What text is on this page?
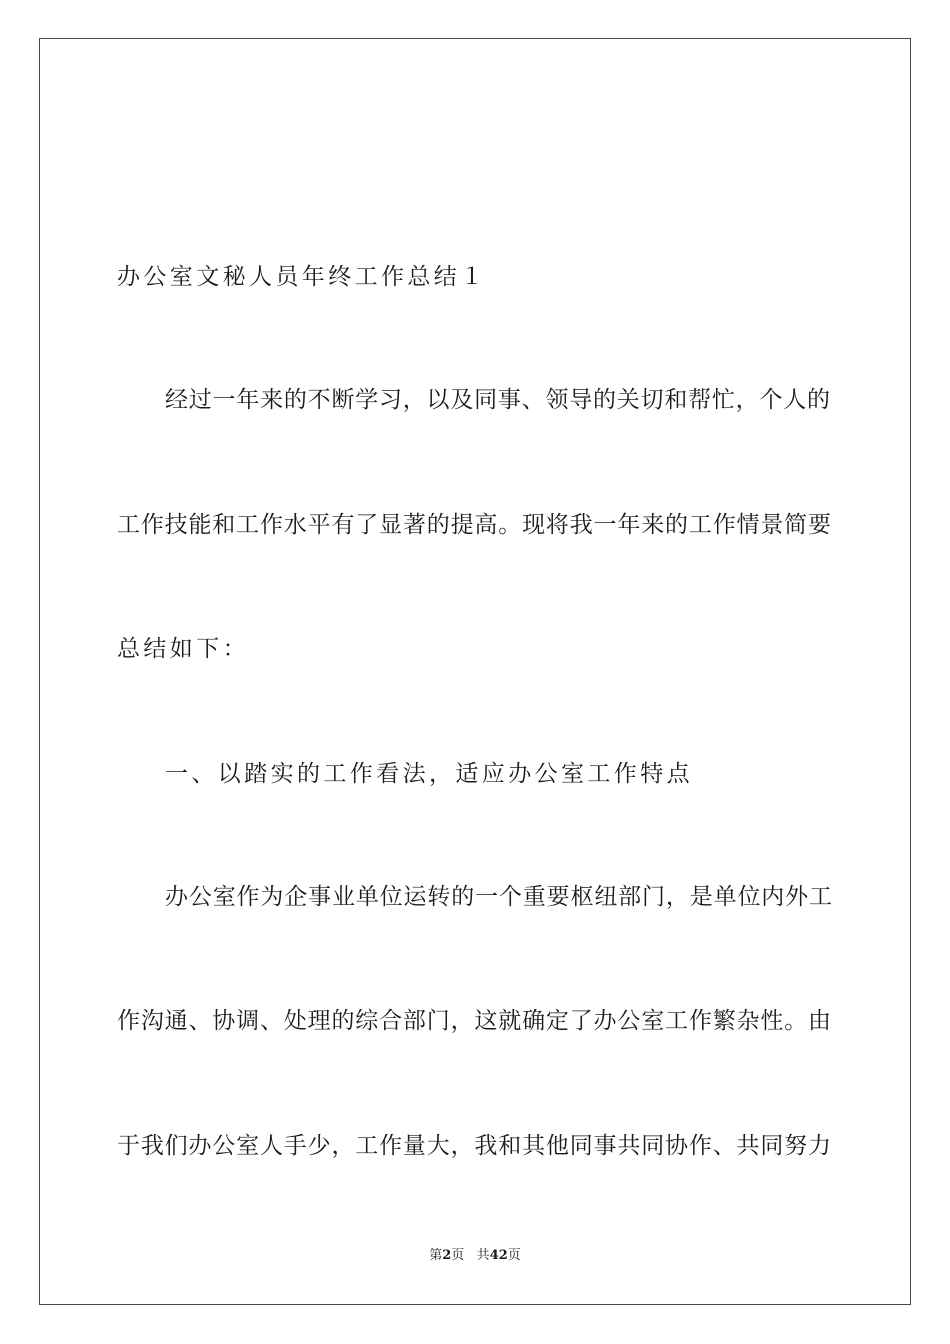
办公室文秘人员年终工作总结１
经过一年来的不断学习，以及同事、领导的关切和帮忙，个人的
工作技能和工作水平有了显著的提高。现将我一年来的工作情景简要
总结如下：
一、以踏实的工作看法，适应办公室工作特点
办公室作为企事业单位运转的一个重要枢纽部门，是单位内外工
作沟通、协调、处理的综合部门，这就确定了办公室工作繁杂性。由
于我们办公室人手少，工作量大，我和其他同事共同协作、共同努力
第2页 共42页
